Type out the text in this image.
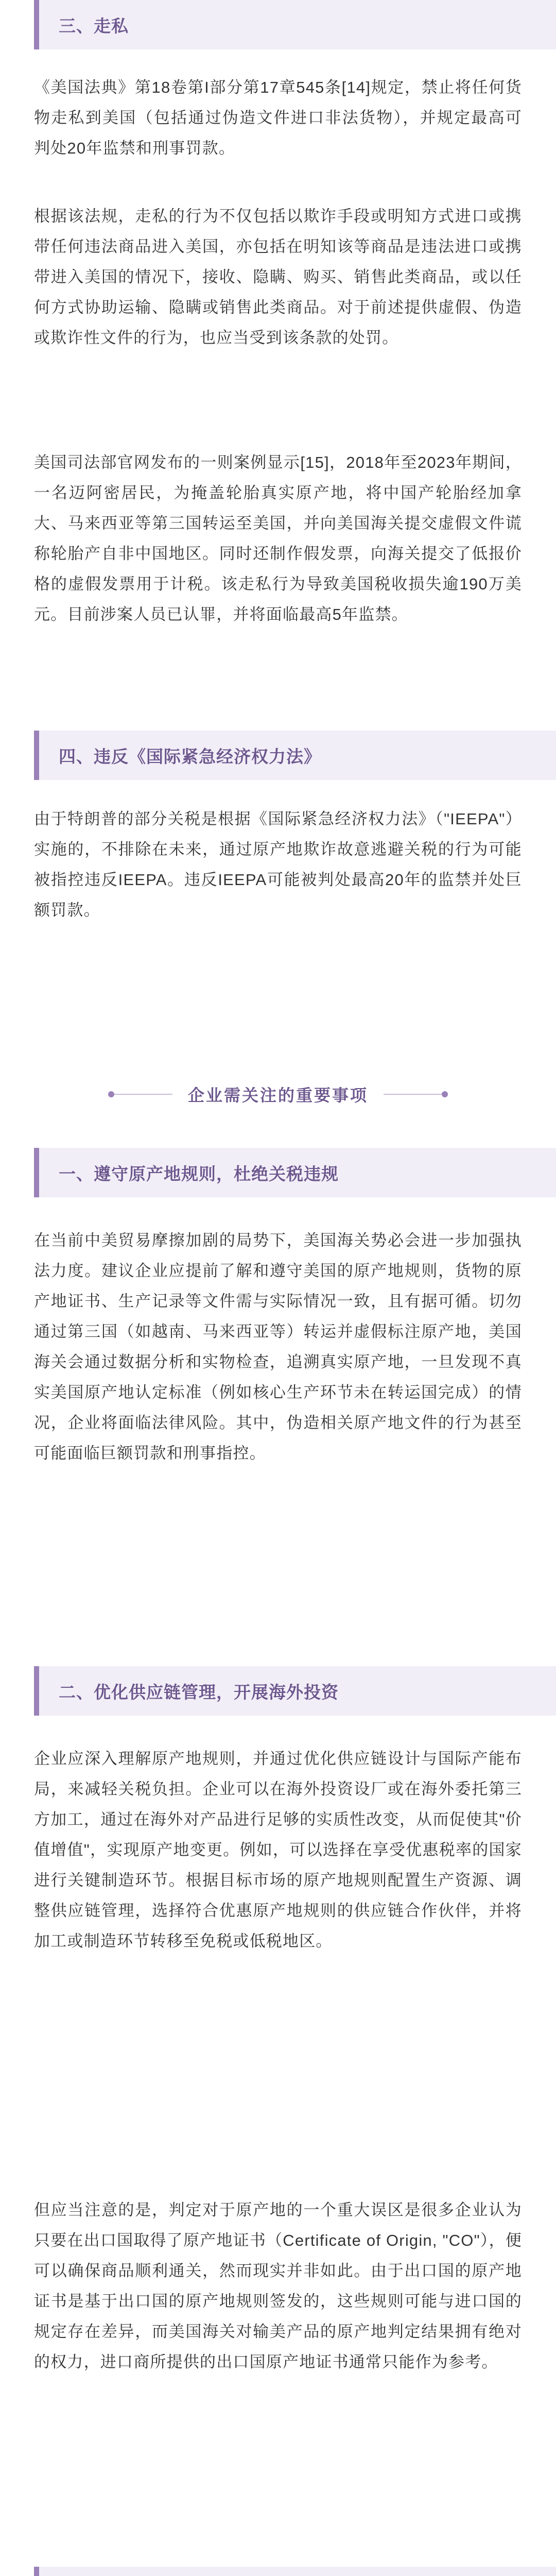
三、走私

《美国法典》第18卷第I部分第17章545条[14]规定，禁止将任何货物走私到美国（包括通过伪造文件进口非法货物），并规定最高可判处20年监禁和刑事罚款。

根据该法规，走私的行为不仅包括以欺诈手段或明知方式进口或携带任何违法商品进入美国，亦包括在明知该等商品是违法进口或携带进入美国的情况下，接收、隐瞒、购买、销售此类商品，或以任何方式协助运输、隐瞒或销售此类商品。对于前述提供虚假、伪造或欺诈性文件的行为，也应当受到该条款的处罚。

美国司法部官网发布的一则案例显示[15]，2018年至2023年期间，一名迈阿密居民，为掩盖轮胎真实原产地，将中国产轮胎经加拿大、马来西亚等第三国转运至美国，并向美国海关提交虚假文件谎称轮胎产自非中国地区。同时还制作假发票，向海关提交了低报价格的虚假发票用于计税。该走私行为导致美国税收损失逾190万美元。目前涉案人员已认罪，并将面临最高5年监禁。

四、违反《国际紧急经济权力法》

由于特朗普的部分关税是根据《国际紧急经济权力法》（"IEEPA"）实施的，不排除在未来，通过原产地欺诈故意逃避关税的行为可能被指控违反IEEPA。违反IEEPA可能被判处最高20年的监禁并处巨额罚款。

企业需关注的重要事项
一、遵守原产地规则，杜绝关税违规

在当前中美贸易摩擦加剧的局势下，美国海关势必会进一步加强执法力度。建议企业应提前了解和遵守美国的原产地规则，货物的原产地证书、生产记录等文件需与实际情况一致，且有据可循。切勿通过第三国（如越南、马来西亚等）转运并虚假标注原产地，美国海关会通过数据分析和实物检查，追溯真实原产地，一旦发现不真实美国原产地认定标准（例如核心生产环节未在转运国完成）的情况，企业将面临法律风险。其中，伪造相关原产地文件的行为甚至可能面临巨额罚款和刑事指控。

二、优化供应链管理，开展海外投资

企业应深入理解原产地规则，并通过优化供应链设计与国际产能布局，来减轻关税负担。企业可以在海外投资设厂或在海外委托第三方加工，通过在海外对产品进行足够的实质性改变，从而促使其"价值增值"，实现原产地变更。例如，可以选择在享受优惠税率的国家进行关键制造环节。根据目标市场的原产地规则配置生产资源、调整供应链管理，选择符合优惠原产地规则的供应链合作伙伴，并将加工或制造环节转移至免税或低税地区。

但应当注意的是，判定对于原产地的一个重大误区是很多企业认为只要在出口国取得了原产地证书（Certificate of Origin, "CO"），便可以确保商品顺利通关，然而现实并非如此。由于出口国的原产地证书是基于出口国的原产地规则签发的，这些规则可能与进口国的规定存在差异，而美国海关对输美产品的原产地判定结果拥有绝对的权力，进口商所提供的出口国原产地证书通常只能作为参考。
